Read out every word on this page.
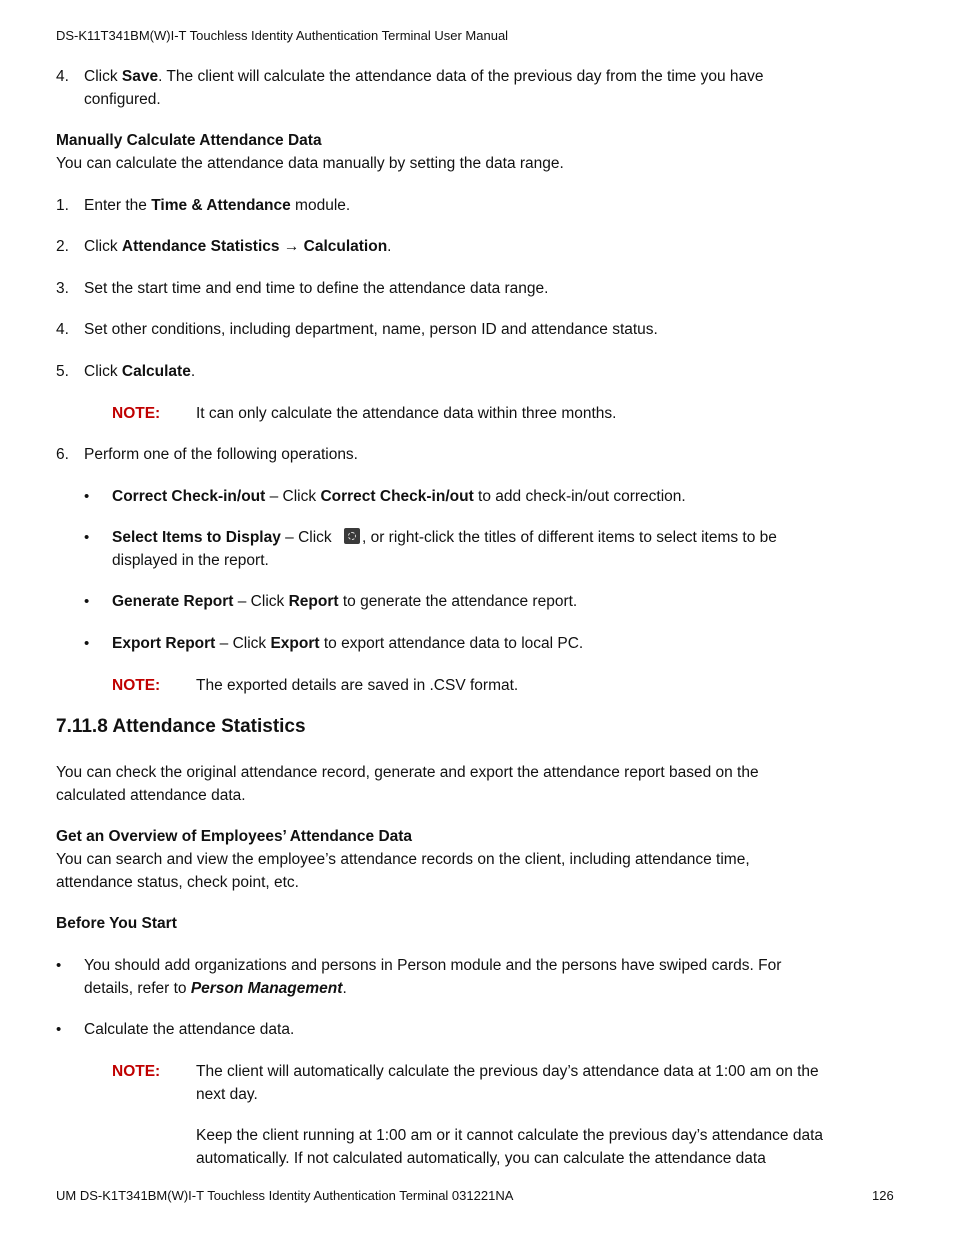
DS-K11T341BM(W)I-T Touchless Identity Authentication Terminal User Manual
4. Click Save. The client will calculate the attendance data of the previous day from the time you have
configured.
Manually Calculate Attendance Data
You can calculate the attendance data manually by setting the data range.
1. Enter the Time & Attendance module.
2. Click Attendance Statistics → Calculation.
3. Set the start time and end time to define the attendance data range.
4. Set other conditions, including department, name, person ID and attendance status.
5. Click Calculate.
NOTE: It can only calculate the attendance data within three months.
6. Perform one of the following operations.
• Correct Check-in/out – Click Correct Check-in/out to add check-in/out correction.
• Select Items to Display – Click , or right-click the titles of different items to select items to be
displayed in the report.
• Generate Report – Click Report to generate the attendance report.
• Export Report – Click Export to export attendance data to local PC.
NOTE: The exported details are saved in .CSV format.
7.11.8 Attendance Statistics
You can check the original attendance record, generate and export the attendance report based on the
calculated attendance data.
Get an Overview of Employees’ Attendance Data
You can search and view the employee’s attendance records on the client, including attendance time,
attendance status, check point, etc.
Before You Start
• You should add organizations and persons in Person module and the persons have swiped cards. For
details, refer to Person Management.
• Calculate the attendance data.
NOTE: The client will automatically calculate the previous day’s attendance data at 1:00 am on the
next day.
Keep the client running at 1:00 am or it cannot calculate the previous day’s attendance data
automatically. If not calculated automatically, you can calculate the attendance data
UM DS-K1T341BM(W)I-T Touchless Identity Authentication Terminal 031221NA	126
